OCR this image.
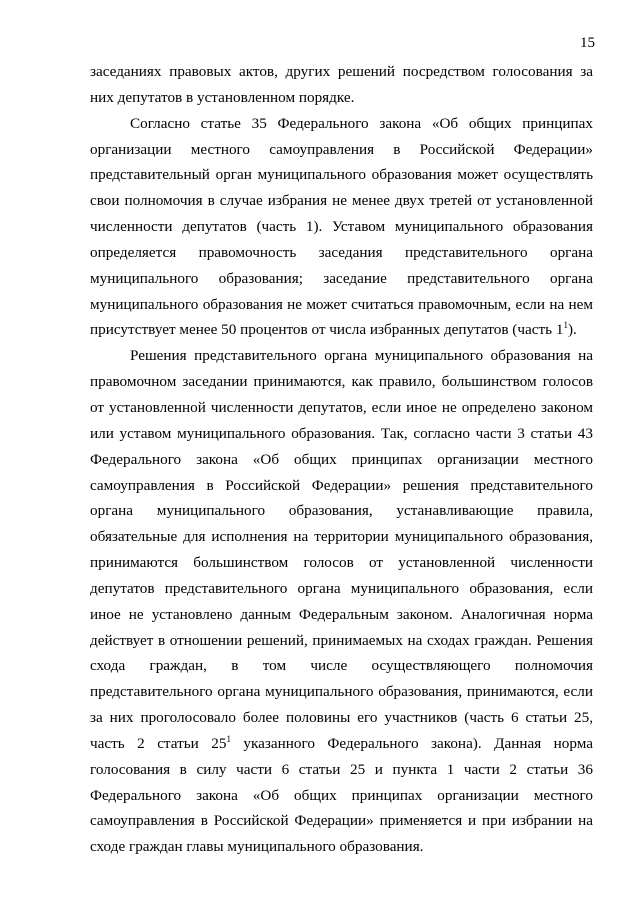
15

заседаниях правовых актов, других решений посредством голосования за них депутатов в установленном порядке.

Согласно статье 35 Федерального закона «Об общих принципах организации местного самоуправления в Российской Федерации» представительный орган муниципального образования может осуществлять свои полномочия в случае избрания не менее двух третей от установленной численности депутатов (часть 1). Уставом муниципального образования определяется правомочность заседания представительного органа муниципального образования; заседание представительного органа муниципального образования не может считаться правомочным, если на нем присутствует менее 50 процентов от числа избранных депутатов (часть $1^1$).

Решения представительного органа муниципального образования на правомочном заседании принимаются, как правило, большинством голосов от установленной численности депутатов, если иное не определено законом или уставом муниципального образования. Так, согласно части 3 статьи 43 Федерального закона «Об общих принципах организации местного самоуправления в Российской Федерации» решения представительного органа муниципального образования, устанавливающие правила, обязательные для исполнения на территории муниципального образования, принимаются большинством голосов от установленной численности депутатов представительного органа муниципального образования, если иное не установлено данным Федеральным законом. Аналогичная норма действует в отношении решений, принимаемых на сходах граждан. Решения схода граждан, в том числе осуществляющего полномочия представительного органа муниципального образования, принимаются, если за них проголосовало более половины его участников (часть 6 статьи 25, часть 2 статьи $25^1$ указанного Федерального закона). Данная норма голосования в силу части 6 статьи 25 и пункта 1 части 2 статьи 36 Федерального закона «Об общих принципах организации местного самоуправления в Российской Федерации» применяется и при избрании на сходе граждан главы муниципального образования.
